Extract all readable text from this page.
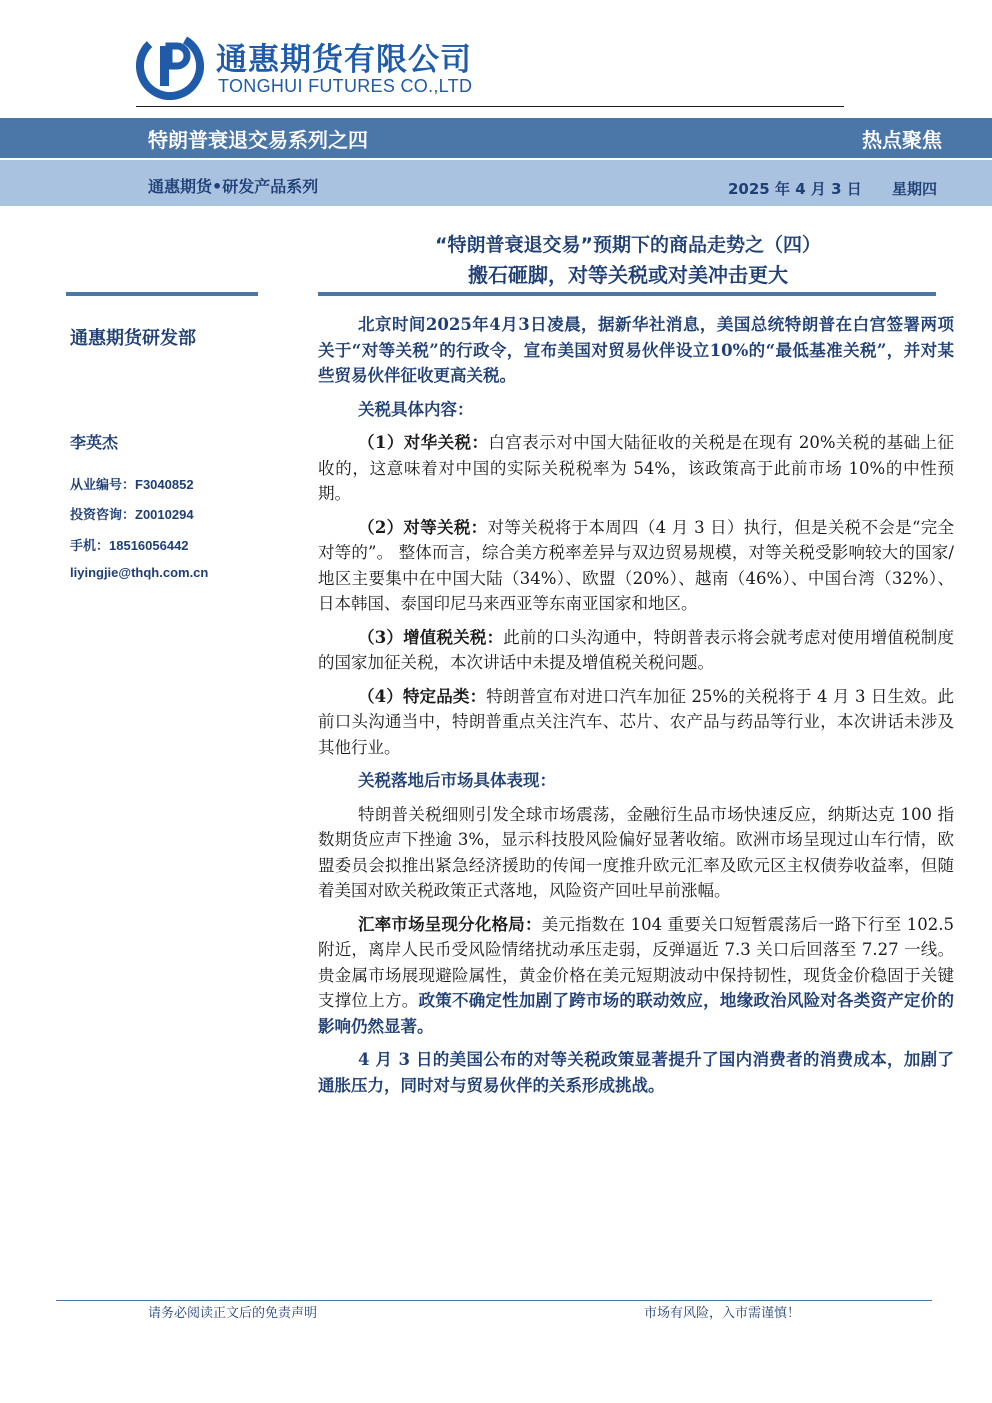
通惠期货有限公司
TONGHUI FUTURES CO.,LTD
特朗普衰退交易系列之四	热点聚焦
通惠期货•研发产品系列	2025 年 4 月 3 日 星期四
“特朗普衰退交易”预期下的商品走势之（四）
搬石砸脚，对等关税或对美冲击更大
通惠期货研发部
李英杰
从业编号：F3040852
投资咨询：Z0010294
手机：18516056442
liyingjie@thqh.com.cn

北京时间2025年4月3日凌晨，据新华社消息，美国总统特朗普在白宫签署两项关于“对等关税”的行政令，宣布美国对贸易伙伴设立10%的“最低基准关税”，并对某些贸易伙伴征收更高关税。

关税具体内容：

（1）对华关税：白宫表示对中国大陆征收的关税是在现有 20%关税的基础上征收的，这意味着对中国的实际关税税率为 54%，该政策高于此前市场 10%的中性预期。

（2）对等关税：对等关税将于本周四（4 月 3 日）执行，但是关税不会是“完全对等的”。 整体而言，综合美方税率差异与双边贸易规模，对等关税受影响较大的国家/地区主要集中在中国大陆（34%）、欧盟（20%）、越南（46%）、中国台湾（32%）、日本韩国、泰国印尼马来西亚等东南亚国家和地区。

（3）增值税关税：此前的口头沟通中，特朗普表示将会就考虑对使用增值税制度的国家加征关税，本次讲话中未提及增值税关税问题。

（4）特定品类：特朗普宣布对进口汽车加征 25%的关税将于 4 月 3 日生效。此前口头沟通当中，特朗普重点关注汽车、芯片、农产品与药品等行业，本次讲话未涉及其他行业。

关税落地后市场具体表现：

特朗普关税细则引发全球市场震荡，金融衍生品市场快速反应，纳斯达克 100 指数期货应声下挫逾 3%，显示科技股风险偏好显著收缩。欧洲市场呈现过山车行情，欧盟委员会拟推出紧急经济援助的传闻一度推升欧元汇率及欧元区主权债券收益率，但随着美国对欧关税政策正式落地，风险资产回吐早前涨幅。

汇率市场呈现分化格局：美元指数在 104 重要关口短暂震荡后一路下行至 102.5 附近，离岸人民币受风险情绪扰动承压走弱，反弹逼近 7.3 关口后回落至 7.27 一线。贵金属市场展现避险属性，黄金价格在美元短期波动中保持韧性，现货金价稳固于关键支撑位上方。政策不确定性加剧了跨市场的联动效应，地缘政治风险对各类资产定价的影响仍然显著。

4 月 3 日的美国公布的对等关税政策显著提升了国内消费者的消费成本，加剧了通胀压力，同时对与贸易伙伴的关系形成挑战。

请务必阅读正文后的免责声明	市场有风险，入市需谨慎！
